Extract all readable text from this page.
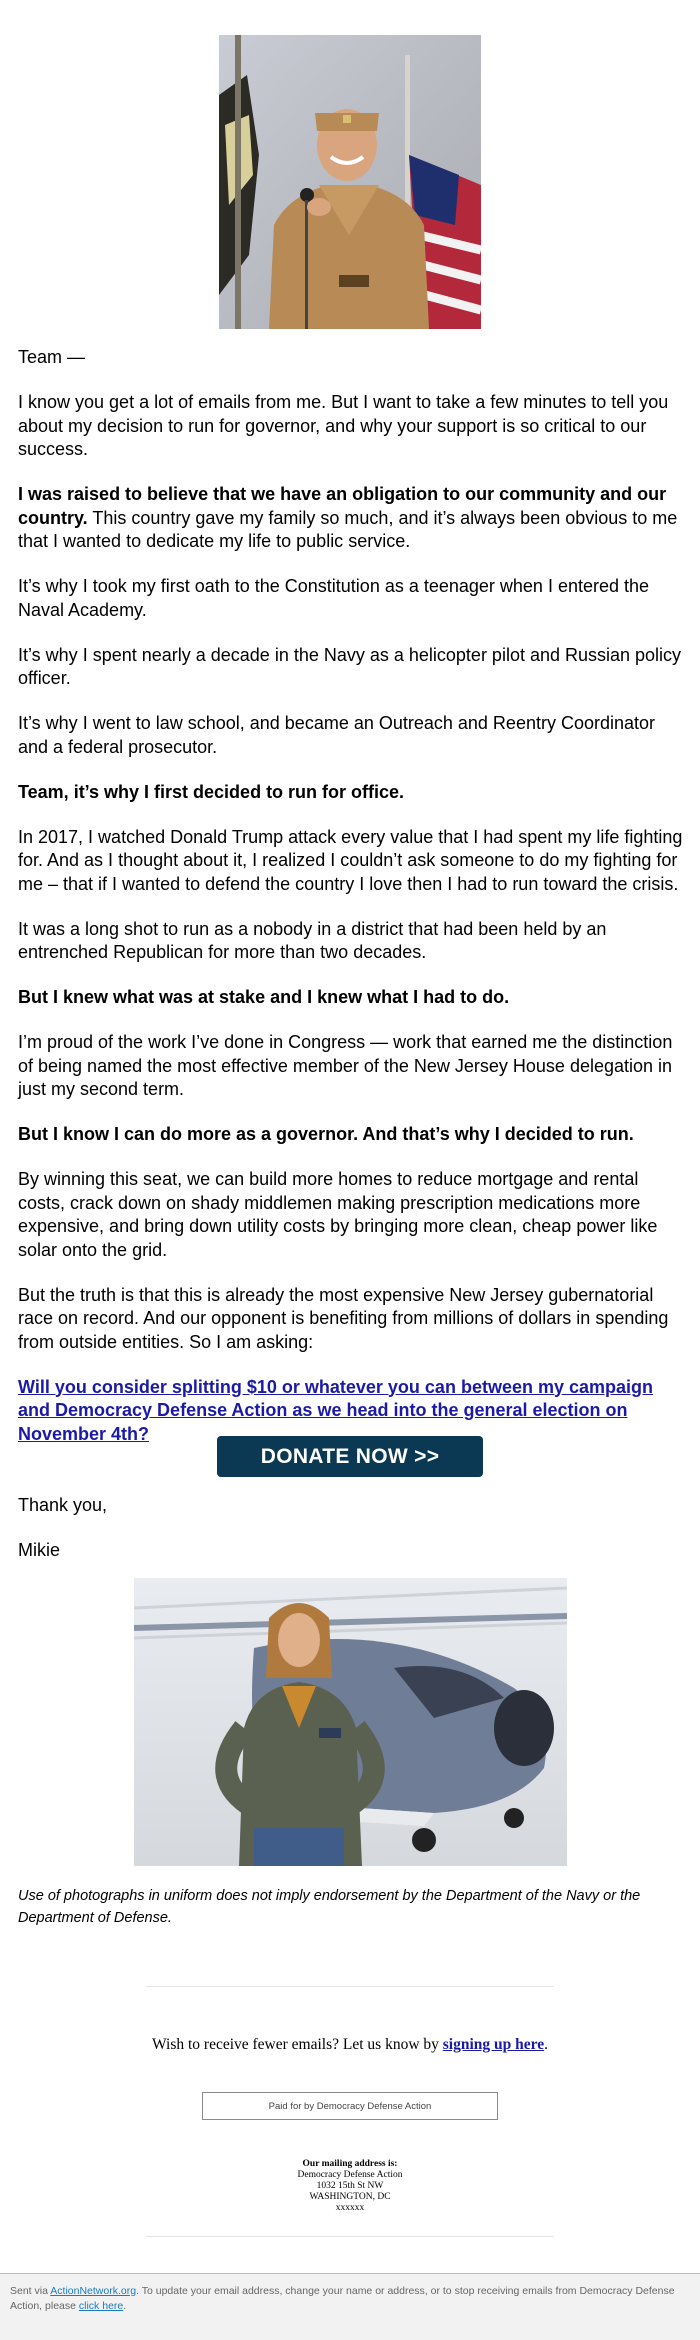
Team —

I know you get a lot of emails from me. But I want to take a few minutes to tell you about my decision to run for governor, and why your support is so critical to our success.

I was raised to believe that we have an obligation to our community and our country. This country gave my family so much, and it’s always been obvious to me that I wanted to dedicate my life to public service.

It’s why I took my first oath to the Constitution as a teenager when I entered the Naval Academy.

It’s why I spent nearly a decade in the Navy as a helicopter pilot and Russian policy officer.

It’s why I went to law school, and became an Outreach and Reentry Coordinator and a federal prosecutor.

Team, it’s why I first decided to run for office.

In 2017, I watched Donald Trump attack every value that I had spent my life fighting for. And as I thought about it, I realized I couldn’t ask someone to do my fighting for me – that if I wanted to defend the country I love then I had to run toward the crisis.

It was a long shot to run as a nobody in a district that had been held by an entrenched Republican for more than two decades.

But I knew what was at stake and I knew what I had to do.

I’m proud of the work I’ve done in Congress — work that earned me the distinction of being named the most effective member of the New Jersey House delegation in just my second term.

But I know I can do more as a governor. And that’s why I decided to run.

By winning this seat, we can build more homes to reduce mortgage and rental costs, crack down on shady middlemen making prescription medications more expensive, and bring down utility costs by bringing more clean, cheap power like solar onto the grid.

But the truth is that this is already the most expensive New Jersey gubernatorial race on record. And our opponent is benefiting from millions of dollars in spending from outside entities. So I am asking:

Will you consider splitting $10 or whatever you can between my campaign and Democracy Defense Action as we head into the general election on November 4th?

DONATE NOW >>

Thank you,

Mikie

Use of photographs in uniform does not imply endorsement by the Department of the Navy or the Department of Defense.
Wish to receive fewer emails? Let us know by signing up here.
Paid for by Democracy Defense Action
Our mailing address is:
Democracy Defense Action
1032 15th St NW
WASHINGTON, DC
xxxxxx
Sent via ActionNetwork.org. To update your email address, change your name or address, or to stop receiving emails from Democracy Defense Action, please click here.
